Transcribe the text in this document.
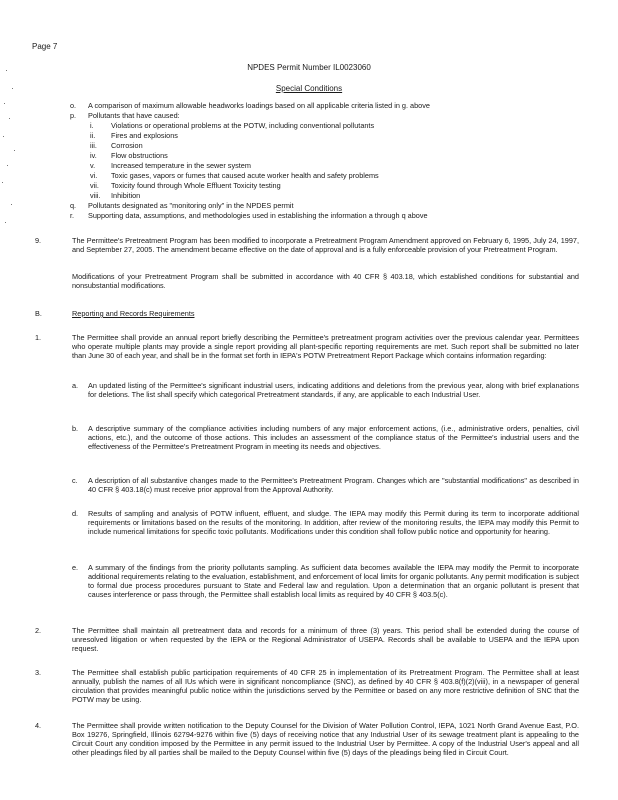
Page 7
NPDES Permit Number IL0023060
Special Conditions
o. A comparison of maximum allowable headworks loadings based on all applicable criteria listed in g. above
p. Pollutants that have caused:
i. Violations or operational problems at the POTW, including conventional pollutants
ii. Fires and explosions
iii. Corrosion
iv. Flow obstructions
v. Increased temperature in the sewer system
vi. Toxic gases, vapors or fumes that caused acute worker health and safety problems
vii. Toxicity found through Whole Effluent Toxicity testing
viii. Inhibition
q. Pollutants designated as "monitoring only" in the NPDES permit
r. Supporting data, assumptions, and methodologies used in establishing the information a through q above
9.	The Permittee's Pretreatment Program has been modified to incorporate a Pretreatment Program Amendment approved on February 6, 1995, July 24, 1997, and September 27, 2005. The amendment became effective on the date of approval and is a fully enforceable provision of your Pretreatment Program.
Modifications of your Pretreatment Program shall be submitted in accordance with 40 CFR § 403.18, which established conditions for substantial and nonsubstantial modifications.
B.	Reporting and Records Requirements
1.	The Permittee shall provide an annual report briefly describing the Permittee's pretreatment program activities over the previous calendar year. Permittees who operate multiple plants may provide a single report providing all plant-specific reporting requirements are met. Such report shall be submitted no later than June 30 of each year, and shall be in the format set forth in IEPA's POTW Pretreatment Report Package which contains information regarding:
a. An updated listing of the Permittee's significant industrial users, indicating additions and deletions from the previous year, along with brief explanations for deletions. The list shall specify which categorical Pretreatment standards, if any, are applicable to each Industrial User.
b. A descriptive summary of the compliance activities including numbers of any major enforcement actions, (i.e., administrative orders, penalties, civil actions, etc.), and the outcome of those actions. This includes an assessment of the compliance status of the Permittee's industrial users and the effectiveness of the Permittee's Pretreatment Program in meeting its needs and objectives.
c. A description of all substantive changes made to the Permittee's Pretreatment Program. Changes which are "substantial modifications" as described in 40 CFR § 403.18(c) must receive prior approval from the Approval Authority.
d. Results of sampling and analysis of POTW influent, effluent, and sludge. The IEPA may modify this Permit during its term to incorporate additional requirements or limitations based on the results of the monitoring. In addition, after review of the monitoring results, the IEPA may modify this Permit to include numerical limitations for specific toxic pollutants. Modifications under this condition shall follow public notice and opportunity for hearing.
e. A summary of the findings from the priority pollutants sampling. As sufficient data becomes available the IEPA may modify the Permit to incorporate additional requirements relating to the evaluation, establishment, and enforcement of local limits for organic pollutants. Any permit modification is subject to formal due process procedures pursuant to State and Federal law and regulation. Upon a determination that an organic pollutant is present that causes interference or pass through, the Permittee shall establish local limits as required by 40 CFR § 403.5(c).
2.	The Permittee shall maintain all pretreatment data and records for a minimum of three (3) years. This period shall be extended during the course of unresolved litigation or when requested by the IEPA or the Regional Administrator of USEPA. Records shall be available to USEPA and the IEPA upon request.
3.	The Permittee shall establish public participation requirements of 40 CFR 25 in implementation of its Pretreatment Program. The Permittee shall at least annually, publish the names of all IUs which were in significant noncompliance (SNC), as defined by 40 CFR § 403.8(f)(2)(viii), in a newspaper of general circulation that provides meaningful public notice within the jurisdictions served by the Permittee or based on any more restrictive definition of SNC that the POTW may be using.
4.	The Permittee shall provide written notification to the Deputy Counsel for the Division of Water Pollution Control, IEPA, 1021 North Grand Avenue East, P.O. Box 19276, Springfield, Illinois 62794-9276 within five (5) days of receiving notice that any Industrial User of its sewage treatment plant is appealing to the Circuit Court any condition imposed by the Permittee in any permit issued to the Industrial User by Permittee. A copy of the Industrial User's appeal and all other pleadings filed by all parties shall be mailed to the Deputy Counsel within five (5) days of the pleadings being filed in Circuit Court.
